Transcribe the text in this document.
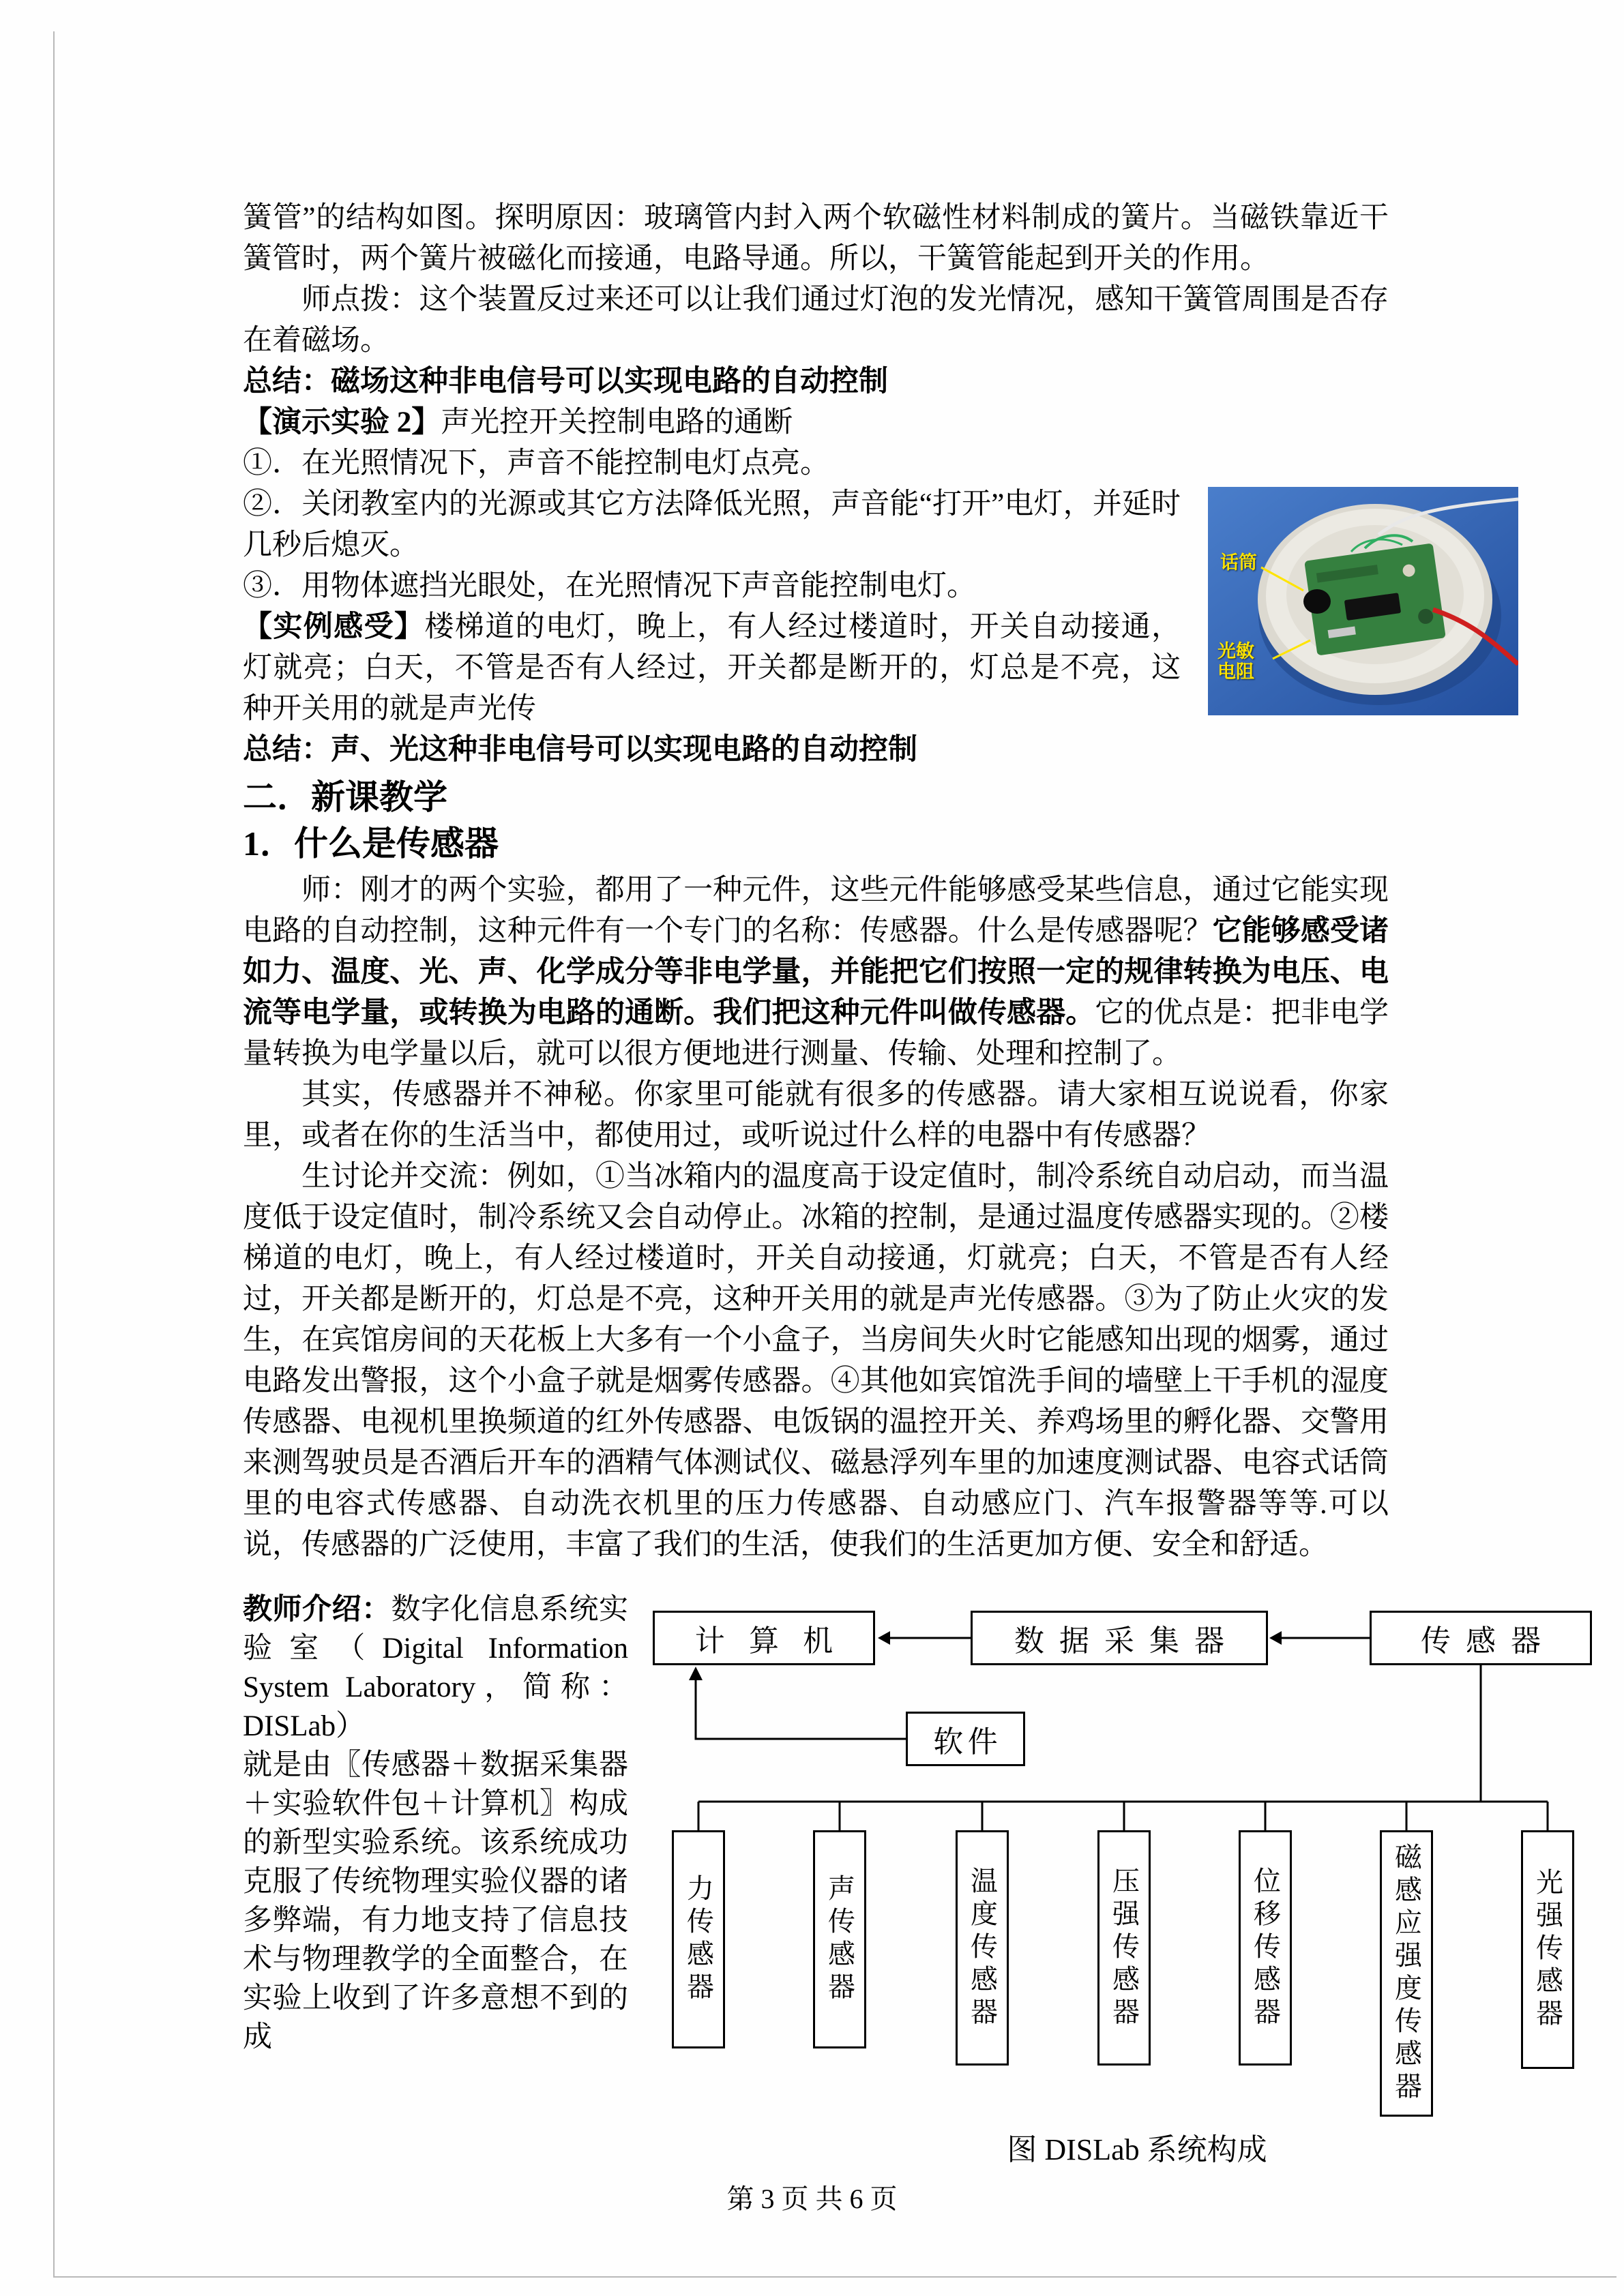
簧管”的结构如图。探明原因：玻璃管内封入两个软磁性材料制成的簧片。当磁铁靠近干簧管时，两个簧片被磁化而接通，电路导通。所以，干簧管能起到开关的作用。

师点拨：这个装置反过来还可以让我们通过灯泡的发光情况，感知干簧管周围是否存在着磁场。

总结：磁场这种非电信号可以实现电路的自动控制

【演示实验 2】声光控开关控制电路的通断

话筒
光敏电阻

①．在光照情况下，声音不能控制电灯点亮。

②．关闭教室内的光源或其它方法降低光照，声音能“打开”电灯，并延时几秒后熄灭。

③．用物体遮挡光眼处，在光照情况下声音能控制电灯。

【实例感受】楼梯道的电灯，晚上，有人经过楼道时，开关自动接通，灯就亮；白天，不管是否有人经过，开关都是断开的，灯总是不亮，这种开关用的就是声光传

总结：声、光这种非电信号可以实现电路的自动控制

二．新课教学
1．什么是传感器

师：刚才的两个实验，都用了一种元件，这些元件能够感受某些信息，通过它能实现电路的自动控制，这种元件有一个专门的名称：传感器。什么是传感器呢？它能够感受诸如力、温度、光、声、化学成分等非电学量，并能把它们按照一定的规律转换为电压、电流等电学量，或转换为电路的通断。我们把这种元件叫做传感器。它的优点是：把非电学量转换为电学量以后，就可以很方便地进行测量、传输、处理和控制了。

其实，传感器并不神秘。你家里可能就有很多的传感器。请大家相互说说看，你家里，或者在你的生活当中，都使用过，或听说过什么样的电器中有传感器？

生讨论并交流：例如，①当冰箱内的温度高于设定值时，制冷系统自动启动，而当温度低于设定值时，制冷系统又会自动停止。冰箱的控制，是通过温度传感器实现的。②楼梯道的电灯，晚上，有人经过楼道时，开关自动接通，灯就亮；白天，不管是否有人经过，开关都是断开的，灯总是不亮，这种开关用的就是声光传感器。③为了防止火灾的发生，在宾馆房间的天花板上大多有一个小盒子，当房间失火时它能感知出现的烟雾，通过电路发出警报，这个小盒子就是烟雾传感器。④其他如宾馆洗手间的墙壁上干手机的湿度传感器、电视机里换频道的红外传感器、电饭锅的温控开关、养鸡场里的孵化器、交警用来测驾驶员是否酒后开车的酒精气体测试仪、磁悬浮列车里的加速度测试器、电容式话筒里的电容式传感器、自动洗衣机里的压力传感器、自动感应门、汽车报警器等等.可以说，传感器的广泛使用，丰富了我们的生活，使我们的生活更加方便、安全和舒适。

教师介绍：数字化信息系统实验室（Digital Information System Laboratory，简称：DISLab）

就是由〖传感器＋数据采集器＋实验软件包＋计算机〗构成的新型实验系统。该系统成功克服了传统物理实验仪器的诸多弊端，有力地支持了信息技术与物理教学的全面整合，在实验上收到了许多意想不到的成

计算机	数据采集器	传感器
软件
力传感器	声传感器	温度传感器	压强传感器	位移传感器	磁感应强度传感器	光强传感器
图 DISLab 系统构成
第 3 页 共 6 页
